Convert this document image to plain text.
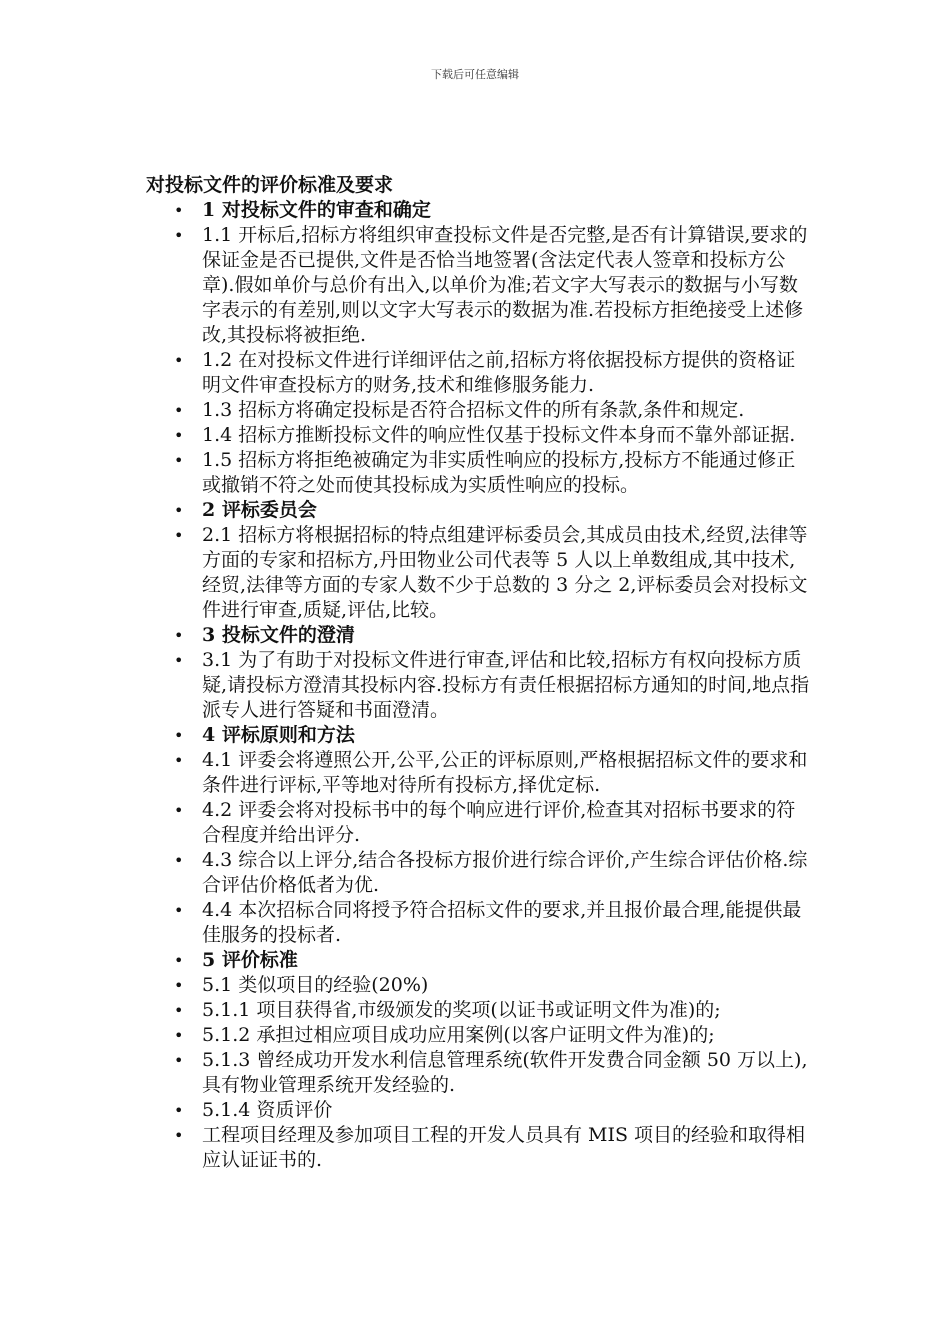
下载后可任意编辑
对投标文件的评价标准及要求
• 1 对投标文件的审查和确定
• 1.1 开标后,招标方将组织审查投标文件是否完整,是否有计算错误,要求的保证金是否已提供,文件是否恰当地签署(含法定代表人签章和投标方公章).假如单价与总价有出入,以单价为准;若文字大写表示的数据与小写数字表示的有差别,则以文字大写表示的数据为准.若投标方拒绝接受上述修改,其投标将被拒绝.
• 1.2 在对投标文件进行详细评估之前,招标方将依据投标方提供的资格证明文件审查投标方的财务,技术和维修服务能力.
• 1.3 招标方将确定投标是否符合招标文件的所有条款,条件和规定.
• 1.4 招标方推断投标文件的响应性仅基于投标文件本身而不靠外部证据.
• 1.5 招标方将拒绝被确定为非实质性响应的投标方,投标方不能通过修正或撤销不符之处而使其投标成为实质性响应的投标。
• 2 评标委员会
• 2.1 招标方将根据招标的特点组建评标委员会,其成员由技术,经贸,法律等方面的专家和招标方,丹田物业公司代表等 5 人以上单数组成,其中技术,经贸,法律等方面的专家人数不少于总数的 3 分之 2,评标委员会对投标文件进行审查,质疑,评估,比较。
• 3 投标文件的澄清
• 3.1 为了有助于对投标文件进行审查,评估和比较,招标方有权向投标方质疑,请投标方澄清其投标内容.投标方有责任根据招标方通知的时间,地点指派专人进行答疑和书面澄清。
• 4 评标原则和方法
• 4.1 评委会将遵照公开,公平,公正的评标原则,严格根据招标文件的要求和条件进行评标,平等地对待所有投标方,择优定标.
• 4.2 评委会将对投标书中的每个响应进行评价,检查其对招标书要求的符合程度并给出评分.
• 4.3 综合以上评分,结合各投标方报价进行综合评价,产生综合评估价格.综合评估价格低者为优.
• 4.4 本次招标合同将授予符合招标文件的要求,并且报价最合理,能提供最佳服务的投标者.
• 5 评价标准
• 5.1 类似项目的经验(20%)
• 5.1.1 项目获得省,市级颁发的奖项(以证书或证明文件为准)的;
• 5.1.2 承担过相应项目成功应用案例(以客户证明文件为准)的;
• 5.1.3 曾经成功开发水利信息管理系统(软件开发费合同金额 50 万以上),具有物业管理系统开发经验的.
• 5.1.4 资质评价
• 工程项目经理及参加项目工程的开发人员具有 MIS 项目的经验和取得相应认证证书的.
